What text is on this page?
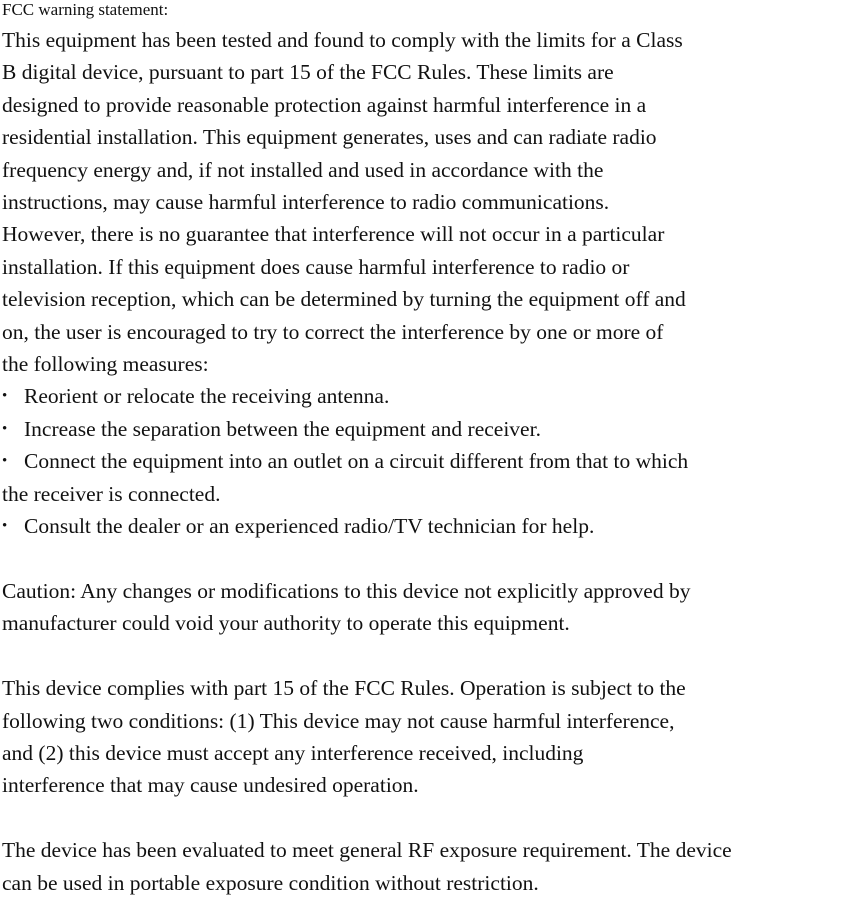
FCC warning statement:

This equipment has been tested and found to comply with the limits for a Class
B digital device, pursuant to part 15 of the FCC Rules. These limits are
designed to provide reasonable protection against harmful interference in a
residential installation. This equipment generates, uses and can radiate radio
frequency energy and, if not installed and used in accordance with the
instructions, may cause harmful interference to radio communications.
However, there is no guarantee that interference will not occur in a particular
installation. If this equipment does cause harmful interference to radio or
television reception, which can be determined by turning the equipment off and
on, the user is encouraged to try to correct the interference by one or more of
the following measures:

• Reorient or relocate the receiving antenna.
• Increase the separation between the equipment and receiver.
• Connect the equipment into an outlet on a circuit different from that to which
the receiver is connected.
• Consult the dealer or an experienced radio/TV technician for help.

Caution: Any changes or modifications to this device not explicitly approved by
manufacturer could void your authority to operate this equipment.

This device complies with part 15 of the FCC Rules. Operation is subject to the
following two conditions: (1) This device may not cause harmful interference,
and (2) this device must accept any interference received, including
interference that may cause undesired operation.

The device has been evaluated to meet general RF exposure requirement. The device
can be used in portable exposure condition without restriction.
